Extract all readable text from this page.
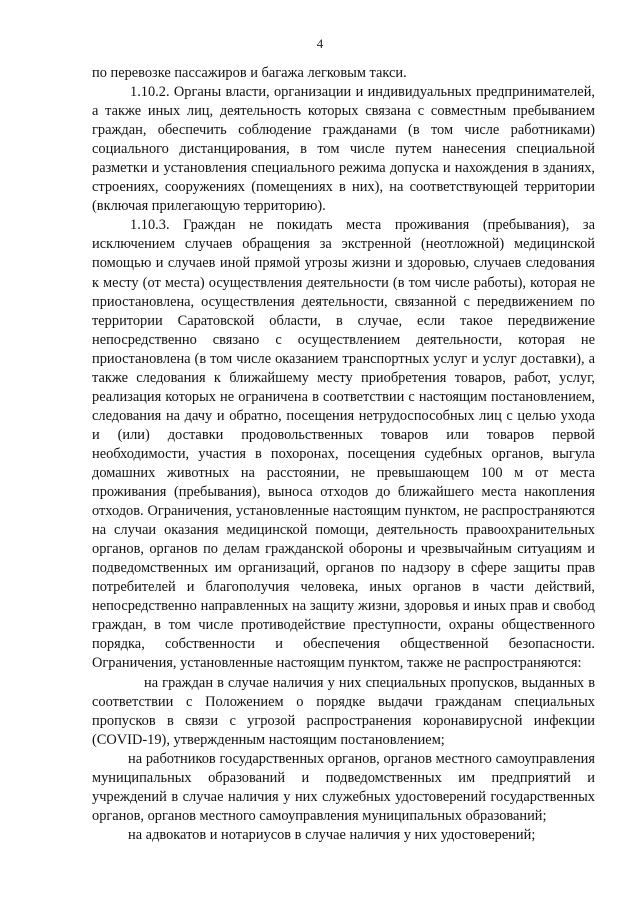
4

по перевозке пассажиров и багажа легковым такси.

1.10.2. Органы власти, организации и индивидуальных предпринимателей, а также иных лиц, деятельность которых связана с совместным пребыванием граждан, обеспечить соблюдение гражданами (в том числе работниками) социального дистанцирования, в том числе путем нанесения специальной разметки и установления специального режима допуска и нахождения в зданиях, строениях, сооружениях (помещениях в них), на соответствующей территории (включая прилегающую территорию).

1.10.3. Граждан не покидать места проживания (пребывания), за исключением случаев обращения за экстренной (неотложной) медицинской помощью и случаев иной прямой угрозы жизни и здоровью, случаев следования к месту (от места) осуществления деятельности (в том числе работы), которая не приостановлена, осуществления деятельности, связанной с передвижением по территории Саратовской области, в случае, если такое передвижение непосредственно связано с осуществлением деятельности, которая не приостановлена (в том числе оказанием транспортных услуг и услуг доставки), а также следования к ближайшему месту приобретения товаров, работ, услуг, реализация которых не ограничена в соответствии с настоящим постановлением, следования на дачу и обратно, посещения нетрудоспособных лиц с целью ухода и (или) доставки продовольственных товаров или товаров первой необходимости, участия в похоронах, посещения судебных органов, выгула домашних животных на расстоянии, не превышающем 100 м от места проживания (пребывания), выноса отходов до ближайшего места накопления отходов. Ограничения, установленные настоящим пунктом, не распространяются на случаи оказания медицинской помощи, деятельность правоохранительных органов, органов по делам гражданской обороны и чрезвычайным ситуациям и подведомственных им организаций, органов по надзору в сфере защиты прав потребителей и благополучия человека, иных органов в части действий, непосредственно направленных на защиту жизни, здоровья и иных прав и свобод граждан, в том числе противодействие преступности, охраны общественного порядка, собственности и обеспечения общественной безопасности. Ограничения, установленные настоящим пунктом, также не распространяются:

на граждан в случае наличия у них специальных пропусков, выданных в соответствии с Положением о порядке выдачи гражданам специальных пропусков в связи с угрозой распространения коронавирусной инфекции (COVID-19), утвержденным настоящим постановлением;

на работников государственных органов, органов местного самоуправления муниципальных образований и подведомственных им предприятий и учреждений в случае наличия у них служебных удостоверений государственных органов, органов местного самоуправления муниципальных образований;

на адвокатов и нотариусов в случае наличия у них удостоверений;
